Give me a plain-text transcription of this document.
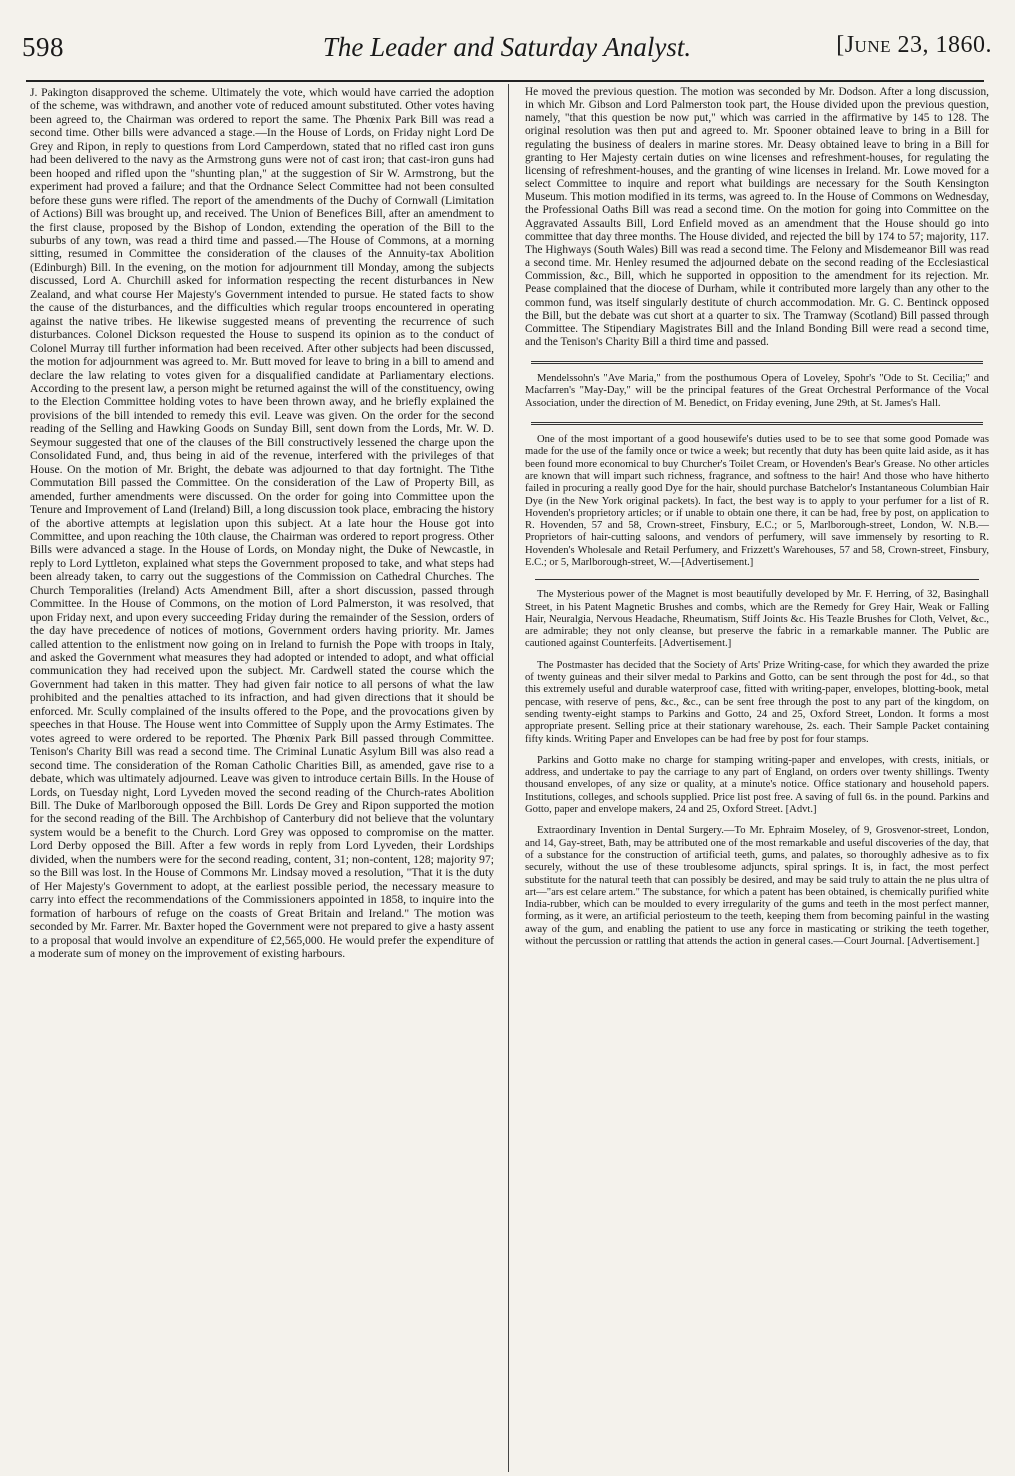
The Leader and Saturday Analyst.
598	[June 23, 1860.

J. Pakington disapproved the scheme. Ultimately the vote, which would have carried the adoption of the scheme, was withdrawn, and another vote of reduced amount substituted. Other votes having been agreed to, the Chairman was ordered to report the same. The Phœnix Park Bill was read a second time. Other bills were advanced a stage.—In the House of Lords, on Friday night Lord De Grey and Ripon, in reply to questions from Lord Camperdown, stated that no rifled cast iron guns had been delivered to the navy as the Armstrong guns were not of cast iron; that cast-iron guns had been hooped and rifled upon the "shunting plan," at the suggestion of Sir W. Armstrong, but the experiment had proved a failure; and that the Ordnance Select Committee had not been consulted before these guns were rifled. The report of the amendments of the Duchy of Cornwall (Limitation of Actions) Bill was brought up, and received. The Union of Benefices Bill, after an amendment to the first clause, proposed by the Bishop of London, extending the operation of the Bill to the suburbs of any town, was read a third time and passed.—The House of Commons, at a morning sitting, resumed in Committee the consideration of the clauses of the Annuity-tax Abolition (Edinburgh) Bill. In the evening, on the motion for adjournment till Monday, among the subjects discussed, Lord A. Churchill asked for information respecting the recent disturbances in New Zealand, and what course Her Majesty's Government intended to pursue. He stated facts to show the cause of the disturbances, and the difficulties which regular troops encountered in operating against the native tribes. He likewise suggested means of preventing the recurrence of such disturbances. Colonel Dickson requested the House to suspend its opinion as to the conduct of Colonel Murray till further information had been received. After other subjects had been discussed, the motion for adjournment was agreed to. Mr. Butt moved for leave to bring in a bill to amend and declare the law relating to votes given for a disqualified candidate at Parliamentary elections. According to the present law, a person might be returned against the will of the constituency, owing to the Election Committee holding votes to have been thrown away, and he briefly explained the provisions of the bill intended to remedy this evil. Leave was given. On the order for the second reading of the Selling and Hawking Goods on Sunday Bill, sent down from the Lords, Mr. W. D. Seymour suggested that one of the clauses of the Bill constructively lessened the charge upon the Consolidated Fund, and, thus being in aid of the revenue, interfered with the privileges of that House. On the motion of Mr. Bright, the debate was adjourned to that day fortnight. The Tithe Commutation Bill passed the Committee. On the consideration of the Law of Property Bill, as amended, further amendments were discussed. On the order for going into Committee upon the Tenure and Improvement of Land (Ireland) Bill, a long discussion took place, embracing the history of the abortive attempts at legislation upon this subject. At a late hour the House got into Committee, and upon reaching the 10th clause, the Chairman was ordered to report progress. Other Bills were advanced a stage. In the House of Lords, on Monday night, the Duke of Newcastle, in reply to Lord Lyttleton, explained what steps the Government proposed to take, and what steps had been already taken, to carry out the suggestions of the Commission on Cathedral Churches. The Church Temporalities (Ireland) Acts Amendment Bill, after a short discussion, passed through Committee. In the House of Commons, on the motion of Lord Palmerston, it was resolved, that upon Friday next, and upon every succeeding Friday during the remainder of the Session, orders of the day have precedence of notices of motions, Government orders having priority. Mr. James called attention to the enlistment now going on in Ireland to furnish the Pope with troops in Italy, and asked the Government what measures they had adopted or intended to adopt, and what official communication they had received upon the subject. Mr. Cardwell stated the course which the Government had taken in this matter. They had given fair notice to all persons of what the law prohibited and the penalties attached to its infraction, and had given directions that it should be enforced. Mr. Scully complained of the insults offered to the Pope, and the provocations given by speeches in that House. The House went into Committee of Supply upon the Army Estimates. The votes agreed to were ordered to be reported. The Phœnix Park Bill passed through Committee. Tenison's Charity Bill was read a second time. The Criminal Lunatic Asylum Bill was also read a second time. The consideration of the Roman Catholic Charities Bill, as amended, gave rise to a debate, which was ultimately adjourned. Leave was given to introduce certain Bills. In the House of Lords, on Tuesday night, Lord Lyveden moved the second reading of the Church-rates Abolition Bill. The Duke of Marlborough opposed the Bill. Lords De Grey and Ripon supported the motion for the second reading of the Bill. The Archbishop of Canterbury did not believe that the voluntary system would be a benefit to the Church. Lord Grey was opposed to compromise on the matter. Lord Derby opposed the Bill. After a few words in reply from Lord Lyveden, their Lordships divided, when the numbers were for the second reading, content, 31; non-content, 128; majority 97; so the Bill was lost. In the House of Commons Mr. Lindsay moved a resolution, "That it is the duty of Her Majesty's Government to adopt, at the earliest possible period, the necessary measure to carry into effect the recommendations of the Commissioners appointed in 1858, to inquire into the formation of harbours of refuge on the coasts of Great Britain and Ireland." The motion was seconded by Mr. Farrer. Mr. Baxter hoped the Government were not prepared to give a hasty assent to a proposal that would involve an expenditure of £2,565,000. He would prefer the expenditure of a moderate sum of money on the improvement of existing harbours.

He moved the previous question. The motion was seconded by Mr. Dodson. After a long discussion, in which Mr. Gibson and Lord Palmerston took part, the House divided upon the previous question, namely, "that this question be now put," which was carried in the affirmative by 145 to 128. The original resolution was then put and agreed to. Mr. Spooner obtained leave to bring in a Bill for regulating the business of dealers in marine stores. Mr. Deasy obtained leave to bring in a Bill for granting to Her Majesty certain duties on wine licenses and refreshment-houses, for regulating the licensing of refreshment-houses, and the granting of wine licenses in Ireland. Mr. Lowe moved for a select Committee to inquire and report what buildings are necessary for the South Kensington Museum. This motion modified in its terms, was agreed to. In the House of Commons on Wednesday, the Professional Oaths Bill was read a second time. On the motion for going into Committee on the Aggravated Assaults Bill, Lord Enfield moved as an amendment that the House should go into committee that day three months. The House divided, and rejected the bill by 174 to 57; majority, 117. The Highways (South Wales) Bill was read a second time. The Felony and Misdemeanor Bill was read a second time. Mr. Henley resumed the adjourned debate on the second reading of the Ecclesiastical Commission, &c., Bill, which he supported in opposition to the amendment for its rejection. Mr. Pease complained that the diocese of Durham, while it contributed more largely than any other to the common fund, was itself singularly destitute of church accommodation. Mr. G. C. Bentinck opposed the Bill, but the debate was cut short at a quarter to six. The Tramway (Scotland) Bill passed through Committee. The Stipendiary Magistrates Bill and the Inland Bonding Bill were read a second time, and the Tenison's Charity Bill a third time and passed.

Mendelssohn's "Ave Maria," from the posthumous Opera of Loveley, Spohr's "Ode to St. Cecilia;" and Macfarren's "May-Day," will be the principal features of the Great Orchestral Performance of the Vocal Association, under the direction of M. Benedict, on Friday evening, June 29th, at St. James's Hall.

One of the most important of a good housewife's duties used to be to see that some good Pomade was made for the use of the family once or twice a week; but recently that duty has been quite laid aside, as it has been found more economical to buy Churcher's Toilet Cream, or Hovenden's Bear's Grease. No other articles are known that will impart such richness, fragrance, and softness to the hair! And those who have hitherto failed in procuring a really good Dye for the hair, should purchase Batchelor's Instantaneous Columbian Hair Dye (in the New York original packets). In fact, the best way is to apply to your perfumer for a list of R. Hovenden's proprietory articles; or if unable to obtain one there, it can be had, free by post, on application to R. Hovenden, 57 and 58, Crown-street, Finsbury, E.C.; or 5, Marlborough-street, London, W. N.B.—Proprietors of hair-cutting saloons, and vendors of perfumery, will save immensely by resorting to R. Hovenden's Wholesale and Retail Perfumery, and Frizzett's Warehouses, 57 and 58, Crown-street, Finsbury, E.C.; or 5, Marlborough-street, W.—[Advertisement.]

The Mysterious power of the Magnet is most beautifully developed by Mr. F. Herring, of 32, Basinghall Street, in his Patent Magnetic Brushes and combs, which are the Remedy for Grey Hair, Weak or Falling Hair, Neuralgia, Nervous Headache, Rheumatism, Stiff Joints &c. His Teazle Brushes for Cloth, Velvet, &c., are admirable; they not only cleanse, but preserve the fabric in a remarkable manner. The Public are cautioned against Counterfeits. [Advertisement.]

The Postmaster has decided that the Society of Arts' Prize Writing-case, for which they awarded the prize of twenty guineas and their silver medal to Parkins and Gotto, can be sent through the post for 4d., so that this extremely useful and durable waterproof case, fitted with writing-paper, envelopes, blotting-book, metal pencase, with reserve of pens, &c., &c., can be sent free through the post to any part of the kingdom, on sending twenty-eight stamps to Parkins and Gotto, 24 and 25, Oxford Street, London. It forms a most appropriate present. Selling price at their stationary warehouse, 2s. each. Their Sample Packet containing fifty kinds. Writing Paper and Envelopes can be had free by post for four stamps.

Parkins and Gotto make no charge for stamping writing-paper and envelopes, with crests, initials, or address, and undertake to pay the carriage to any part of England, on orders over twenty shillings. Twenty thousand envelopes, of any size or quality, at a minute's notice. Office stationary and household papers. Institutions, colleges, and schools supplied. Price list post free. A saving of full 6s. in the pound. Parkins and Gotto, paper and envelope makers, 24 and 25, Oxford Street. [Advt.]

Extraordinary Invention in Dental Surgery.—To Mr. Ephraim Moseley, of 9, Grosvenor-street, London, and 14, Gay-street, Bath, may be attributed one of the most remarkable and useful discoveries of the day, that of a substance for the construction of artificial teeth, gums, and palates, so thoroughly adhesive as to fix securely, without the use of these troublesome adjuncts, spiral springs. It is, in fact, the most perfect substitute for the natural teeth that can possibly be desired, and may be said truly to attain the ne plus ultra of art—"ars est celare artem." The substance, for which a patent has been obtained, is chemically purified white India-rubber, which can be moulded to every irregularity of the gums and teeth in the most perfect manner, forming, as it were, an artificial periosteum to the teeth, keeping them from becoming painful in the wasting away of the gum, and enabling the patient to use any force in masticating or striking the teeth together, without the percussion or rattling that attends the action in general cases.—Court Journal. [Advertisement.]
